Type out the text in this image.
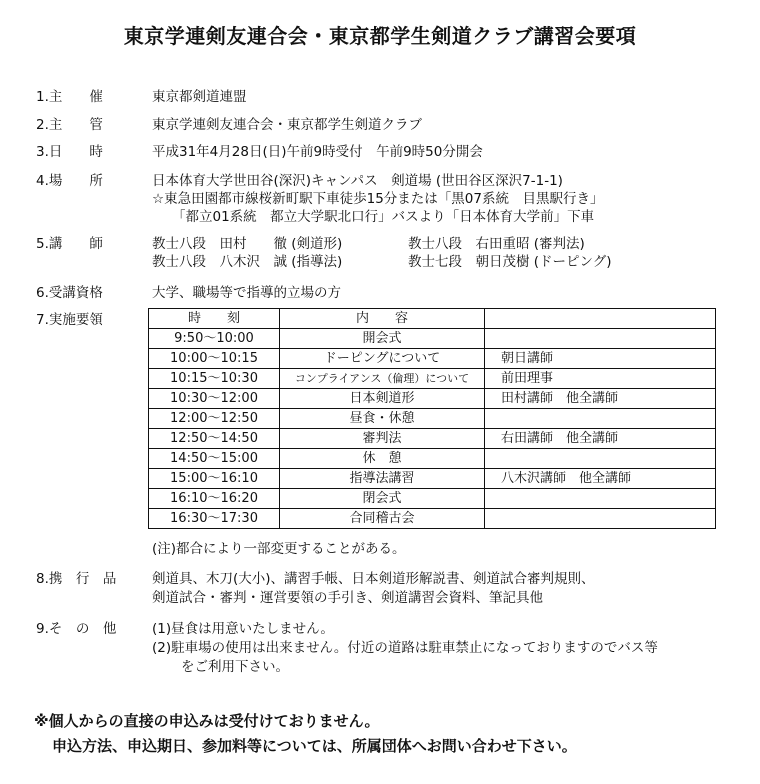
東京学連剣友連合会・東京都学生剣道クラブ講習会要項
1.主　　催	東京都剣道連盟
2.主　　管	東京学連剣友連合会・東京都学生剣道クラブ
3.日　　時	平成31年4月28日(日)午前9時受付　午前9時50分開会
4.場　　所	日本体育大学世田谷(深沢)キャンパス　剣道場 (世田谷区深沢7-1-1)
☆東急田園都市線桜新町駅下車徒歩15分または「黒07系統　目黒駅行き」
「都立01系統　都立大学駅北口行」バスより「日本体育大学前」下車
5.講　　師	教士八段　田村　　徹 (剣道形)	教士八段　右田重昭 (審判法)
教士八段　八木沢　誠 (指導法)	教士七段　朝日茂樹 (ドーピング)
6.受講資格	大学、職場等で指導的立場の方
7.実施要領	時　　刻	内　　容	
9:50～10:00	開会式	
10:00～10:15	ドーピングについて	朝日講師
10:15～10:30	コンプライアンス（倫理）について	前田理事
10:30～12:00	日本剣道形	田村講師　他全講師
12:00～12:50	昼食・休憩	
12:50～14:50	審判法	右田講師　他全講師
14:50～15:00	休　憩	
15:00～16:10	指導法講習	八木沢講師　他全講師
16:10～16:20	閉会式	
16:30～17:30	合同稽古会	
(注)都合により一部変更することがある。
8.携　行　品	剣道具、木刀(大小)、講習手帳、日本剣道形解説書、剣道試合審判規則、
剣道試合・審判・運営要領の手引き、剣道講習会資料、筆記具他
9.そ　の　他	(1)昼食は用意いたしません。
(2)駐車場の使用は出来ません。付近の道路は駐車禁止になっておりますのでバス等
をご利用下さい。
※個人からの直接の申込みは受付けておりません。
申込方法、申込期日、参加料等については、所属団体へお問い合わせ下さい。
